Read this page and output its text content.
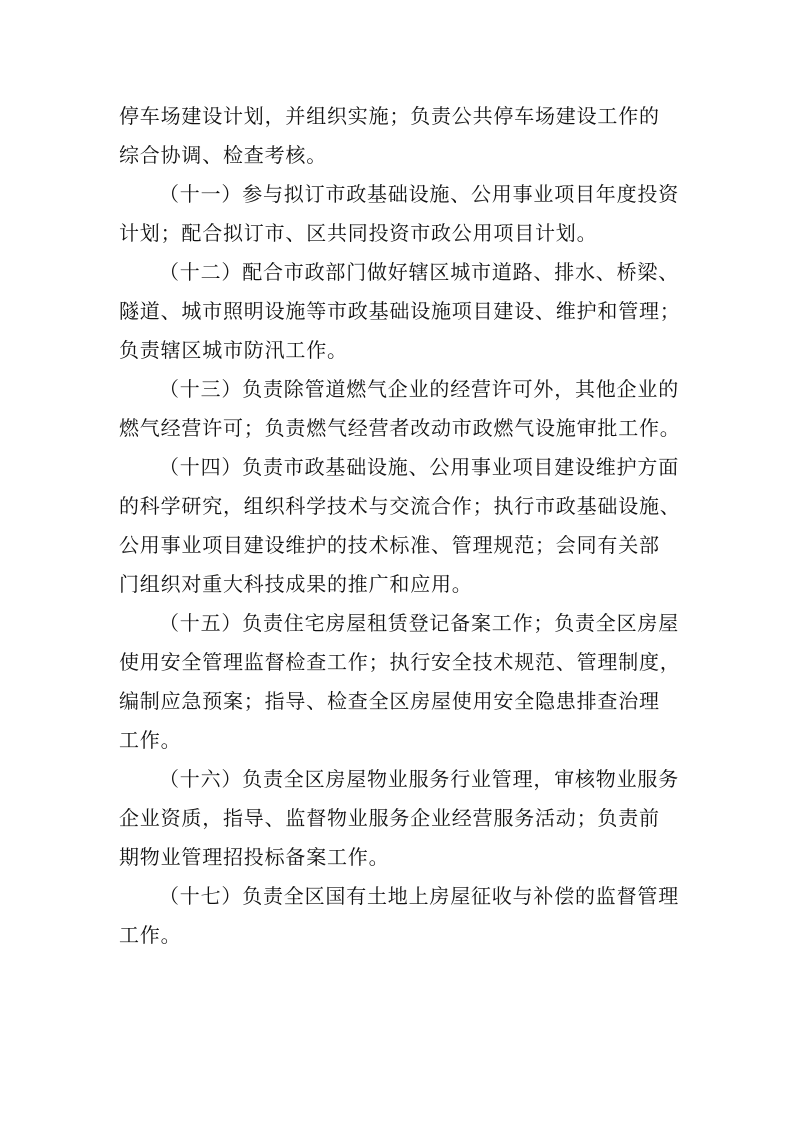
停车场建设计划，并组织实施；负责公共停车场建设工作的
综合协调、检查考核。
（十一）参与拟订市政基础设施、公用事业项目年度投资
计划；配合拟订市、区共同投资市政公用项目计划。
（十二）配合市政部门做好辖区城市道路、排水、桥梁、
隧道、城市照明设施等市政基础设施项目建设、维护和管理；
负责辖区城市防汛工作。
（十三）负责除管道燃气企业的经营许可外，其他企业的
燃气经营许可；负责燃气经营者改动市政燃气设施审批工作。
（十四）负责市政基础设施、公用事业项目建设维护方面
的科学研究，组织科学技术与交流合作；执行市政基础设施、
公用事业项目建设维护的技术标准、管理规范；会同有关部
门组织对重大科技成果的推广和应用。
（十五）负责住宅房屋租赁登记备案工作；负责全区房屋
使用安全管理监督检查工作；执行安全技术规范、管理制度，
编制应急预案；指导、检查全区房屋使用安全隐患排查治理
工作。
（十六）负责全区房屋物业服务行业管理，审核物业服务
企业资质，指导、监督物业服务企业经营服务活动；负责前
期物业管理招投标备案工作。
（十七）负责全区国有土地上房屋征收与补偿的监督管理
工作。
